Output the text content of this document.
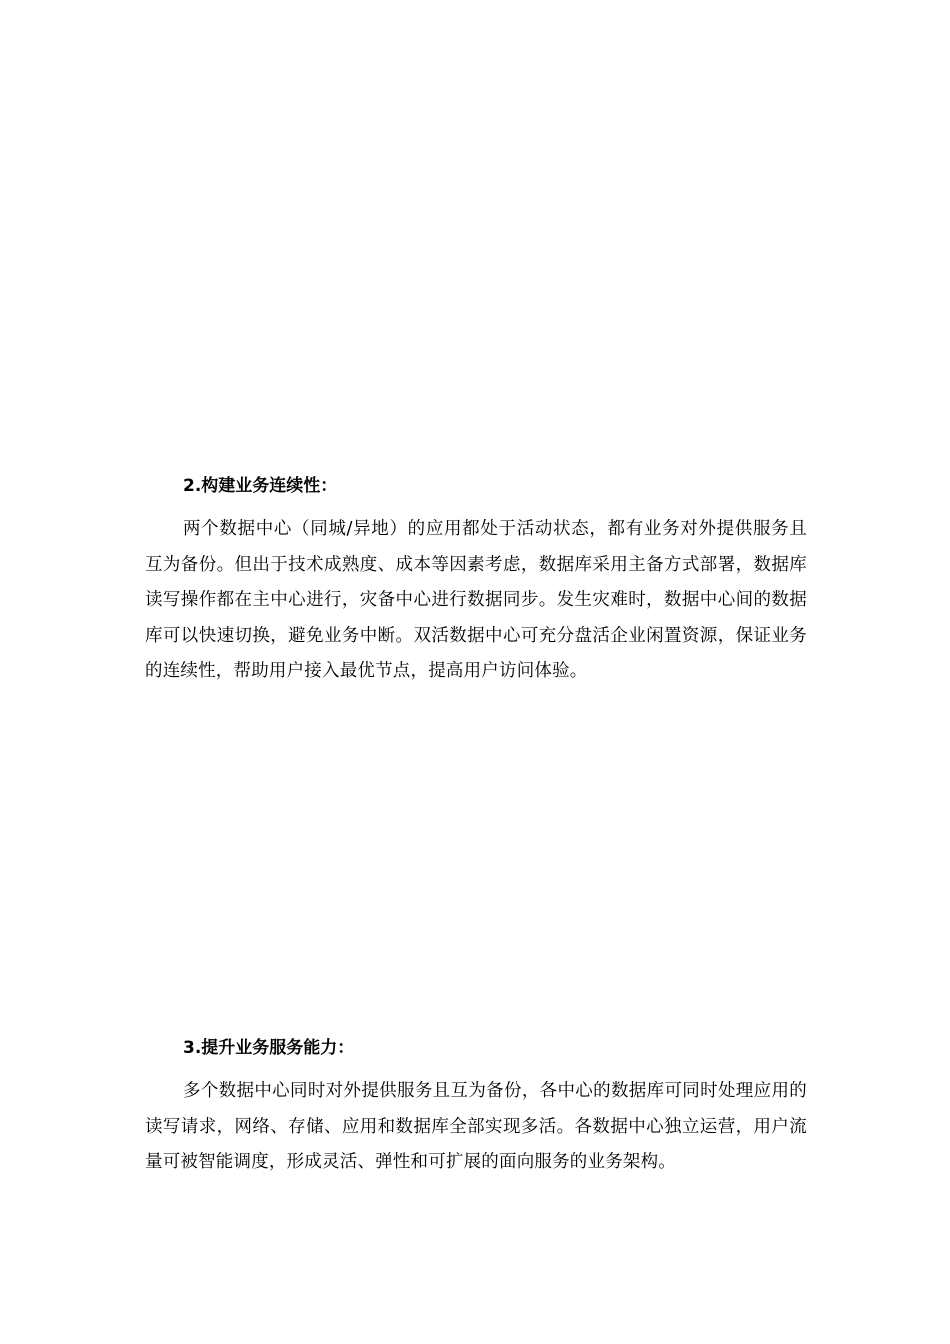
2.构建业务连续性：

两个数据中心（同城/异地）的应用都处于活动状态，都有业务对外提供服务且互为备份。但出于技术成熟度、成本等因素考虑，数据库采用主备方式部署，数据库读写操作都在主中心进行，灾备中心进行数据同步。发生灾难时，数据中心间的数据库可以快速切换，避免业务中断。双活数据中心可充分盘活企业闲置资源，保证业务的连续性，帮助用户接入最优节点，提高用户访问体验。

3.提升业务服务能力：

多个数据中心同时对外提供服务且互为备份，各中心的数据库可同时处理应用的读写请求，网络、存储、应用和数据库全部实现多活。各数据中心独立运营，用户流量可被智能调度，形成灵活、弹性和可扩展的面向服务的业务架构。
